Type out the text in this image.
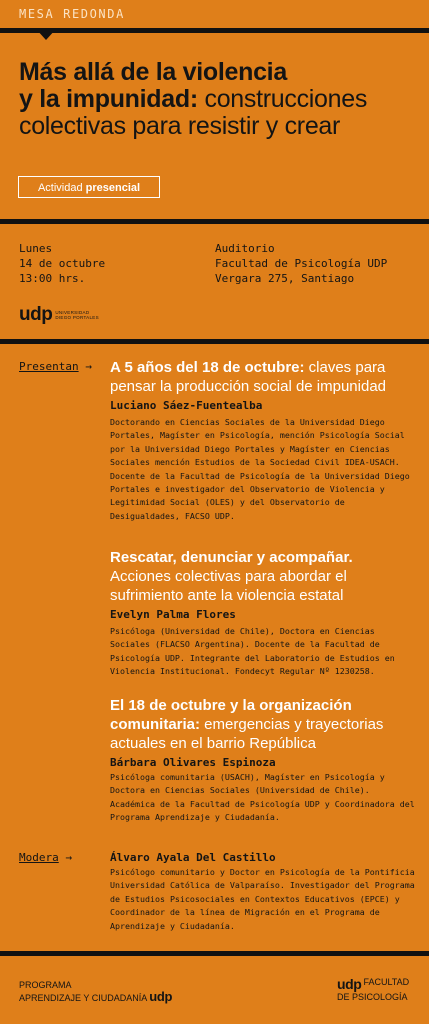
MESA REDONDA
Más allá de la violencia
y la impunidad: construcciones
colectivas para resistir y crear
Actividad presencial
Lunes
14 de octubre
13:00 hrs.
Auditorio
Facultad de Psicología UDP
Vergara 275, Santiago
udp UNIVERSIDAD
DIEGO PORTALES
Presentan → A 5 años del 18 de octubre: claves para pensar la producción social de impunidad
Luciano Sáez-Fuentealba
Doctorando en Ciencias Sociales de la Universidad Diego Portales, Magíster en Psicología, mención Psicología Social por la Universidad Diego Portales y Magíster en Ciencias Sociales mención Estudios de la Sociedad Civil IDEA-USACH. Docente de la Facultad de Psicología de la Universidad Diego Portales e investigador del Observatorio de Violencia y Legitimidad Social (OLES) y del Observatorio de Desigualdades, FACSO UDP.
Rescatar, denunciar y acompañar. Acciones colectivas para abordar el sufrimiento ante la violencia estatal
Evelyn Palma Flores
Psicóloga (Universidad de Chile), Doctora en Ciencias Sociales (FLACSO Argentina). Docente de la Facultad de Psicología UDP. Integrante del Laboratorio de Estudios en Violencia Institucional. Fondecyt Regular Nº 1230258.
El 18 de octubre y la organización comunitaria: emergencias y trayectorias actuales en el barrio República
Bárbara Olivares Espinoza
Psicóloga comunitaria (USACH), Magíster en Psicología y Doctora en Ciencias Sociales (Universidad de Chile). Académica de la Facultad de Psicología UDP y Coordinadora del Programa Aprendizaje y Ciudadanía.
Modera →	Álvaro Ayala Del Castillo
Psicólogo comunitario y Doctor en Psicología de la Pontificia Universidad Católica de Valparaíso. Investigador del Programa de Estudios Psicosociales en Contextos Educativos (EPCE) y Coordinador de la línea de Migración en el Programa de Aprendizaje y Ciudadanía.
PROGRAMA
APRENDIZAJE Y CIUDADANÍA udp
udp FACULTAD
DE PSICOLOGÍA
